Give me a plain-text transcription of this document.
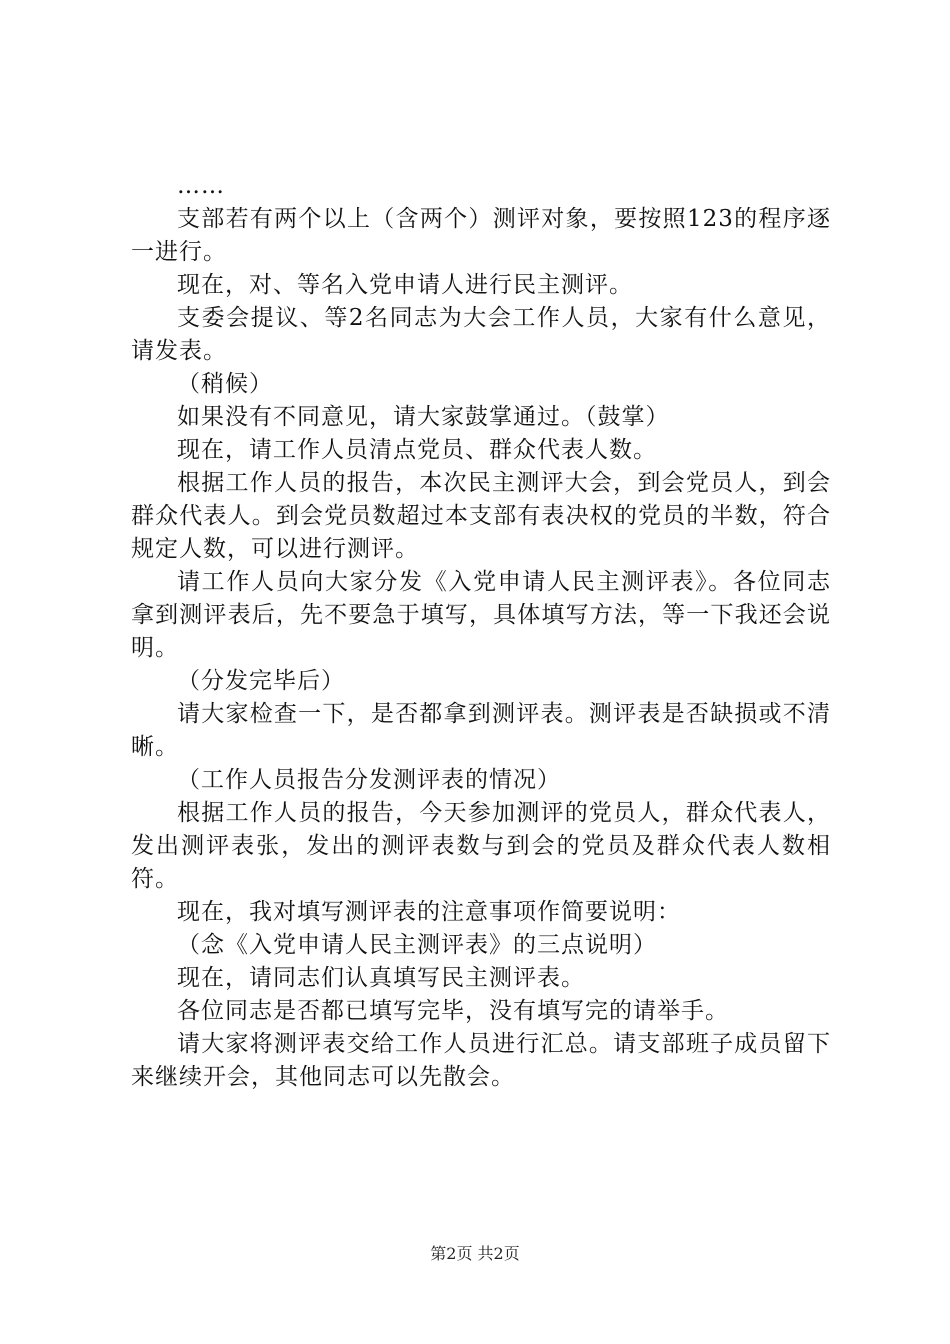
……

支部若有两个以上（含两个）测评对象，要按照123的程序逐一进行。

现在，对、等名入党申请人进行民主测评。

支委会提议、等2名同志为大会工作人员，大家有什么意见，请发表。

（稍候）

如果没有不同意见，请大家鼓掌通过。（鼓掌）

现在，请工作人员清点党员、群众代表人数。

根据工作人员的报告，本次民主测评大会，到会党员人，到会群众代表人。到会党员数超过本支部有表决权的党员的半数，符合规定人数，可以进行测评。

请工作人员向大家分发《入党申请人民主测评表》。各位同志拿到测评表后，先不要急于填写，具体填写方法，等一下我还会说明。

（分发完毕后）

请大家检查一下，是否都拿到测评表。测评表是否缺损或不清晰。

（工作人员报告分发测评表的情况）

根据工作人员的报告，今天参加测评的党员人，群众代表人，发出测评表张，发出的测评表数与到会的党员及群众代表人数相符。

现在，我对填写测评表的注意事项作简要说明：

（念《入党申请人民主测评表》的三点说明）

现在，请同志们认真填写民主测评表。

各位同志是否都已填写完毕，没有填写完的请举手。

请大家将测评表交给工作人员进行汇总。请支部班子成员留下来继续开会，其他同志可以先散会。

第2页 共2页
